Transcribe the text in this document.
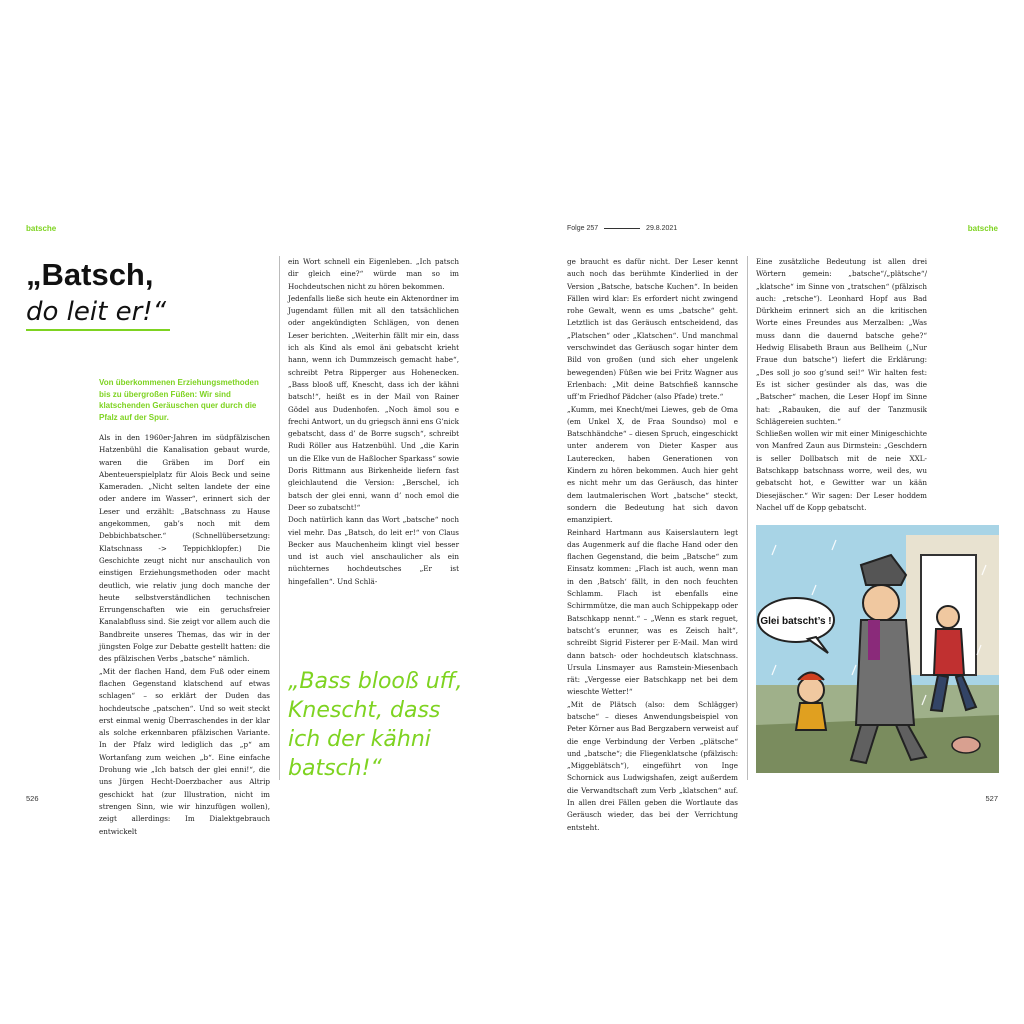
batsche
„Batsch,
do leit er!“
Von überkommenen Erziehungsmethoden bis zu übergroßen Füßen: Wir sind klatschenden Geräuschen quer durch die Pfalz auf der Spur.
Als in den 1960er-Jahren im südpfälzischen Hatzenbühl die Kanalisation gebaut wurde, waren die Gräben im Dorf ein Abenteuerspielplatz für Alois Beck und seine Kameraden. „Nicht selten landete der eine oder andere im Wasser“, erinnert sich der Leser und erzählt: „Batschnass zu Hause angekommen, gab’s noch mit dem Debbichbatscher.“ (Schnellübersetzung: Klatschnass -> Teppichklopfer.) Die Geschichte zeugt nicht nur anschaulich von einstigen Erziehungsmethoden oder macht deutlich, wie relativ jung doch manche der heute selbstverständlichen technischen Errungenschaften wie ein geruchsfreier Kanalabfluss sind. Sie zeigt vor allem auch die Bandbreite unseres Themas, das wir in der jüngsten Folge zur Debatte gestellt hatten: die des pfälzischen Verbs „batsche“ nämlich.
„Mit der flachen Hand, dem Fuß oder einem flachen Gegenstand klatschend auf etwas schlagen“ – so erklärt der Duden das hochdeutsche „patschen“. Und so weit steckt erst einmal wenig Überraschendes in der klar als solche erkennbaren pfälzischen Variante. In der Pfalz wird lediglich das „p“ am Wortanfang zum weichen „b“. Eine einfache Drohung wie „Ich batsch der glei enni!“, die uns Jürgen Hecht-Doerzbacher aus Altrip geschickt hat (zur Illustration, nicht im strengen Sinn, wie wir hinzufügen wollen), zeigt allerdings: Im Dialektgebrauch entwickelt
ein Wort schnell ein Eigenleben. „Ich patsch dir gleich eine?“ würde man so im Hochdeutschen nicht zu hören bekommen.
Jedenfalls ließe sich heute ein Aktenordner im Jugendamt füllen mit all den tatsächlichen oder angekündigten Schlägen, von denen Leser berichten. „Weiterhin fällt mir ein, dass ich als Kind als emol äni gebatscht krieht hann, wenn ich Dummzeisch gemacht habe“, schreibt Petra Ripperger aus Hohenecken. „Bass blooß uff, Knescht, dass ich der kähni batsch!“, heißt es in der Mail von Rainer Gödel aus Dudenhofen. „Noch ämol sou e frechi Antwort, un du griegsch änni ens G’nick gebatscht, dass d’ de Borre sugsch“, schreibt Rudi Röller aus Hatzenbühl. Und „die Karin un die Elke vun de Haßlocher Sparkass“ sowie Doris Rittmann aus Birkenheide liefern fast gleichlautend die Version: „Berschel, ich batsch der glei enni, wann d’ noch emol die Deer so zubatscht!“
Doch natürlich kann das Wort „batsche“ noch viel mehr. Das „Batsch, do leit er!“ von Claus Becker aus Mauchenheim klingt viel besser und ist auch viel anschaulicher als ein nüchternes hochdeutsches „Er ist hingefallen“. Und Schlä-
„Bass blooß uff, Knescht, dass ich der kähni batsch!“
526
Folge 257	29.8.2021	batsche
ge braucht es dafür nicht. Der Leser kennt auch noch das berühmte Kinderlied in der Version „Batsche, batsche Kuchen“. In beiden Fällen wird klar: Es erfordert nicht zwingend rohe Gewalt, wenn es ums „batsche“ geht. Letztlich ist das Geräusch entscheidend, das „Platschen“ oder „Klatschen“. Und manchmal verschwindet das Geräusch sogar hinter dem Bild von großen (und sich eher ungelenk bewegenden) Füßen wie bei Fritz Wagner aus Erlenbach: „Mit deine Batschfieß kannsche uff’m Friedhof Pädcher (also Pfade) trete.“
„Kumm, mei Knecht/mei Liewes, geb de Oma (em Unkel X, de Fraa Soundso) mol e Batschhändche“ – diesen Spruch, eingeschickt unter anderem von Dieter Kasper aus Lauterecken, haben Generationen von Kindern zu hören bekommen. Auch hier geht es nicht mehr um das Geräusch, das hinter dem lautmalerischen Wort „batsche“ steckt, sondern die Bedeutung hat sich davon emanzipiert.
Reinhard Hartmann aus Kaiserslautern legt das Augenmerk auf die flache Hand oder den flachen Gegenstand, die beim „Batsche“ zum Einsatz kommen: „Flach ist auch, wenn man in den ‚Batsch‘ fällt, in den noch feuchten Schlamm. Flach ist ebenfalls eine Schirmmütze, die man auch Schippekapp oder Batschkapp nennt.“ – „Wenn es stark reguet, batscht’s erunner, was es Zeisch halt“, schreibt Sigrid Fisterer per E-Mail. Man wird dann batsch- oder hochdeutsch klatschnass. Ursula Linsmayer aus Ramstein-Miesenbach rät: „Vergesse eier Batschkapp net bei dem wieschte Wetter!“
„Mit de Plätsch (also: dem Schlägger) batsche“ – dieses Anwendungsbeispiel von Peter Körner aus Bad Bergzabern verweist auf die enge Verbindung der Verben „plätsche“ und „batsche“; die Fliegenklatsche (pfälzisch: „Miggeblätsch“), eingeführt von Inge Schornick aus Ludwigshafen, zeigt außerdem die Verwandtschaft zum Verb „klatschen“ auf. In allen drei Fällen geben die Wortlaute das Geräusch wieder, das bei der Verrichtung entsteht.
Eine zusätzliche Bedeutung ist allen drei Wörtern gemein: „batsche“/„plätsche“/„klatsche“ im Sinne von „tratschen“ (pfälzisch auch: „retsche“). Leonhard Hopf aus Bad Dürkheim erinnert sich an die kritischen Worte eines Freundes aus Merzalben: „Was muss dann die dauernd batsche gehe?“ Hedwig Elisabeth Braun aus Bellheim („Nur Fraue dun batsche“) liefert die Erklärung: „Des soll jo soo g’sund sei!“ Wir halten fest: Es ist sicher gesünder als das, was die „Batscher“ machen, die Leser Hopf im Sinne hat: „Rabauken, die auf der Tanzmusik Schlägereien suchten.“
Schließen wollen wir mit einer Minigeschichte von Manfred Zaun aus Dirmstein: „Geschdern is seller Dollbatsch mit de neie XXL-Batschkapp batschnass worre, weil des, wu gebatscht hot, e Gewitter war un kään Diesejäscher.“ Wir sagen: Der Leser hoddem Nachel uff de Kopp gebatscht.
Glei batscht’s !
527
